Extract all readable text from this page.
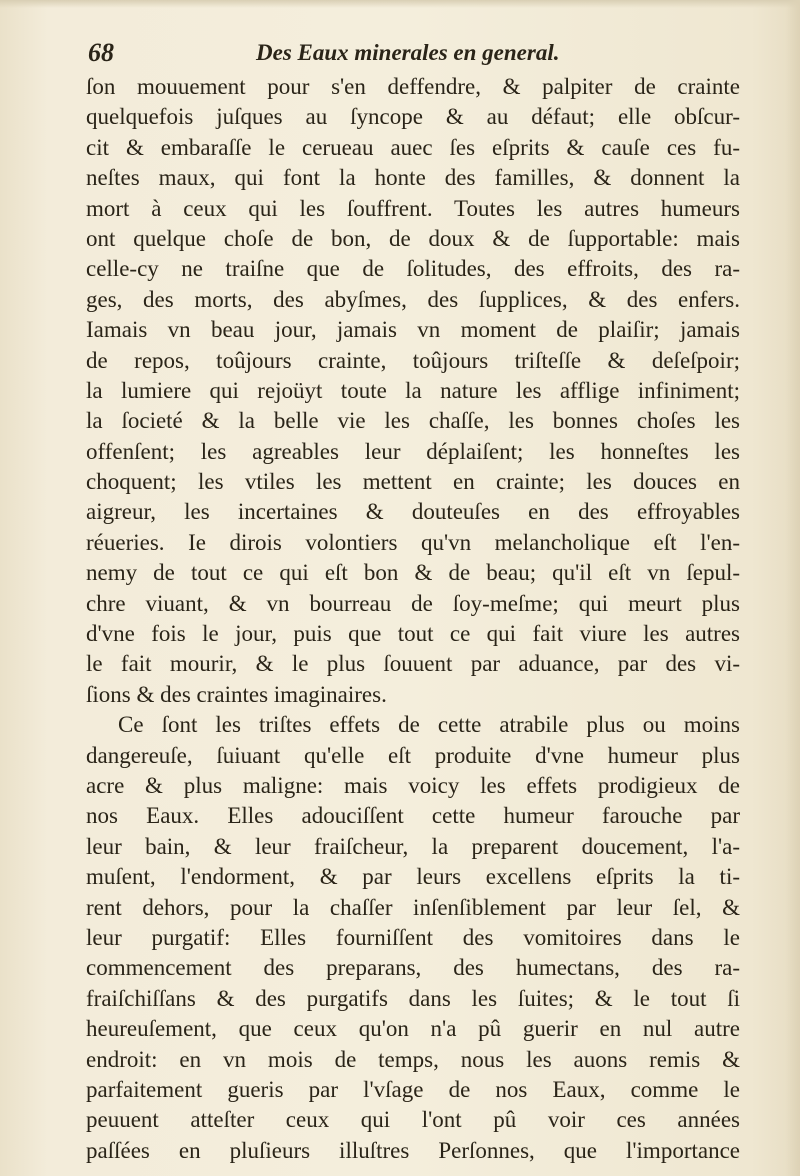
68	Des Eaux minerales en general.
ſon mouuement pour s'en deffendre, & palpiter de crainte
quelquefois juſques au ſyncope & au défaut; elle obſcur-
cit & embaraſſe le cerueau auec ſes eſprits & cauſe ces fu-
neſtes maux, qui font la honte des familles, & donnent la
mort à ceux qui les ſouffrent. Toutes les autres humeurs
ont quelque choſe de bon, de doux & de ſupportable: mais
celle-cy ne traiſne que de ſolitudes, des effroits, des ra-
ges, des morts, des abyſmes, des ſupplices, & des enfers.
Iamais vn beau jour, jamais vn moment de plaiſir; jamais
de repos, toûjours crainte, toûjours triſteſſe & deſeſpoir;
la lumiere qui rejoüyt toute la nature les afflige infiniment;
la ſocieté & la belle vie les chaſſe, les bonnes choſes les
offenſent; les agreables leur déplaiſent; les honneſtes les
choquent; les vtiles les mettent en crainte; les douces en
aigreur, les incertaines & douteuſes en des effroyables
réueries. Ie dirois volontiers qu'vn melancholique eſt l'en-
nemy de tout ce qui eſt bon & de beau; qu'il eſt vn ſepul-
chre viuant, & vn bourreau de ſoy-meſme; qui meurt plus
d'vne fois le jour, puis que tout ce qui fait viure les autres
le fait mourir, & le plus ſouuent par aduance, par des vi-
ſions & des craintes imaginaires.
Ce ſont les triſtes effets de cette atrabile plus ou moins
dangereuſe, ſuiuant qu'elle eſt produite d'vne humeur plus
acre & plus maligne: mais voicy les effets prodigieux de
nos Eaux. Elles adouciſſent cette humeur farouche par
leur bain, & leur fraiſcheur, la preparent doucement, l'a-
muſent, l'endorment, & par leurs excellens eſprits la ti-
rent dehors, pour la chaſſer inſenſiblement par leur ſel, &
leur purgatif: Elles fourniſſent des vomitoires dans le
commencement des preparans, des humectans, des ra-
fraiſchiſſans & des purgatifs dans les ſuites; & le tout ſi
heureuſement, que ceux qu'on n'a pû guerir en nul autre
endroit: en vn mois de temps, nous les auons remis &
parfaitement gueris par l'vſage de nos Eaux, comme le
peuuent atteſter ceux qui l'ont pû voir ces années
paſſées en pluſieurs illuſtres Perſonnes, que l'importance
